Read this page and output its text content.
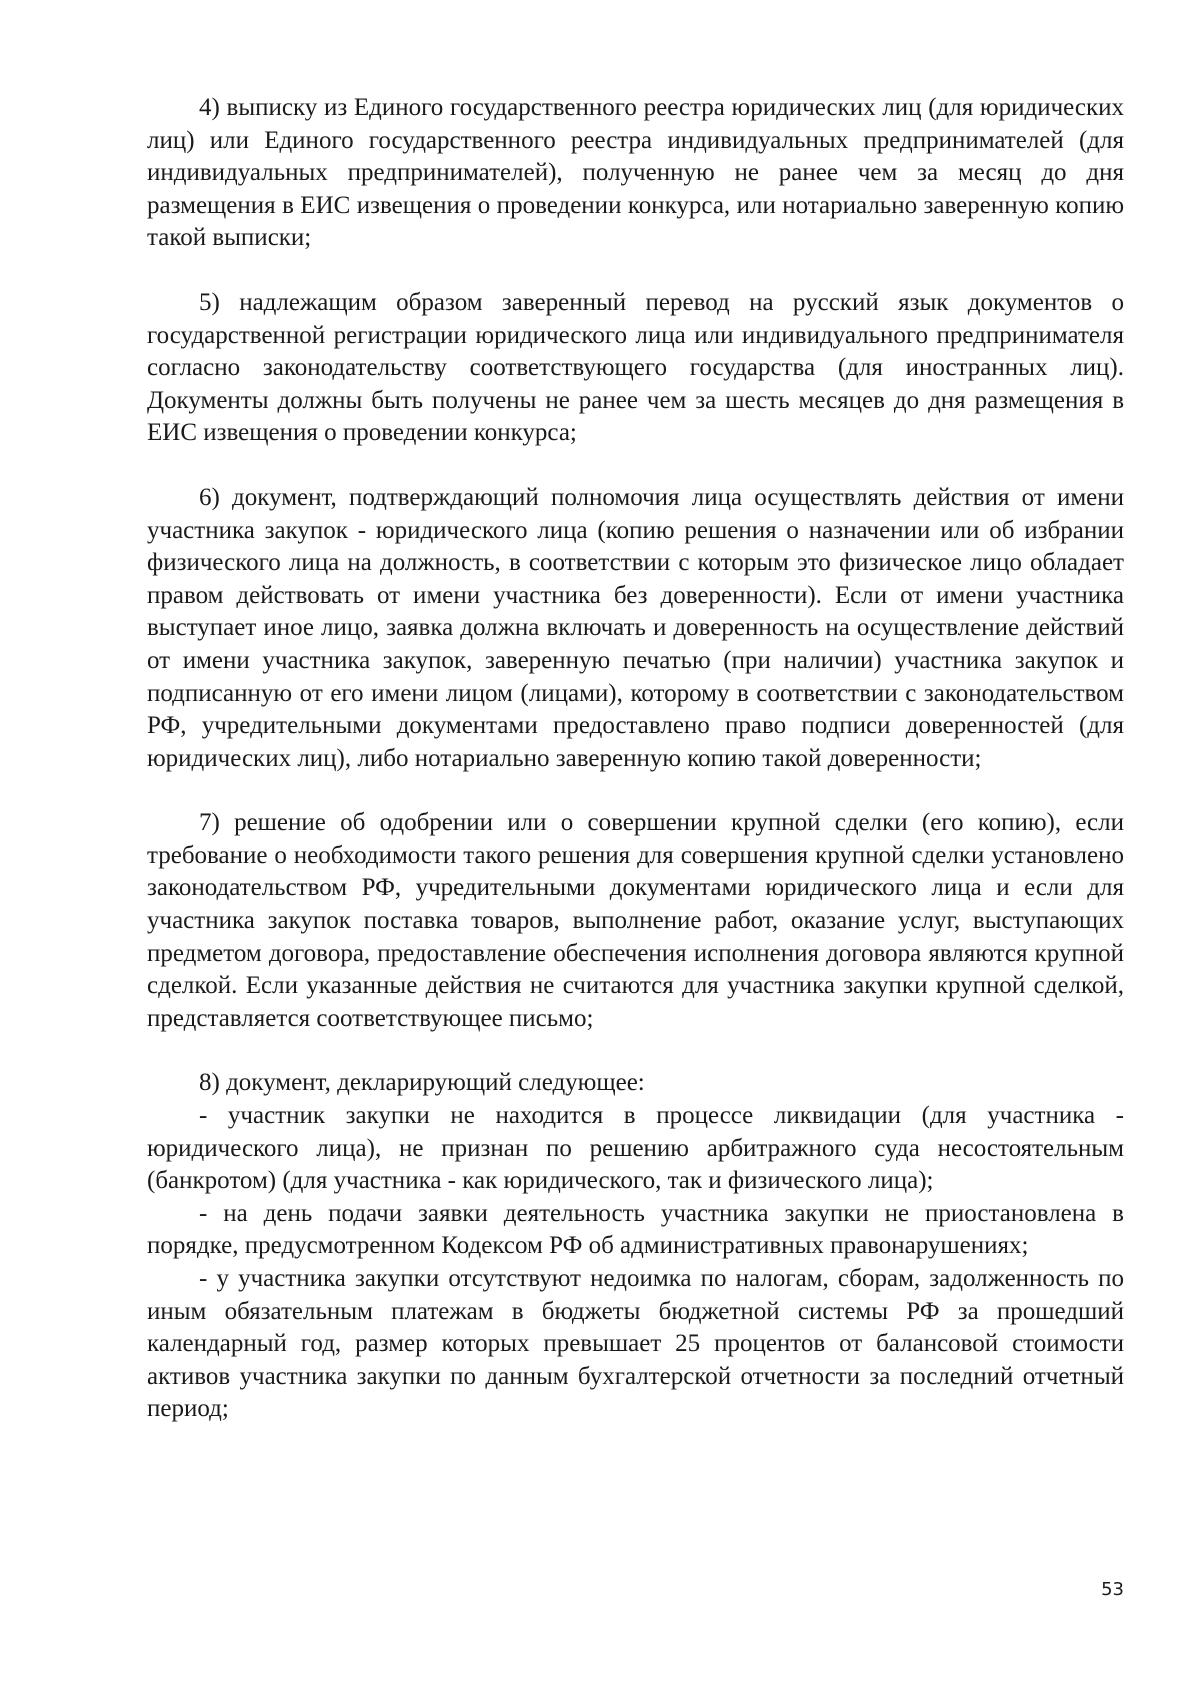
4) выписку из Единого государственного реестра юридических лиц (для юридических лиц) или Единого государственного реестра индивидуальных предпринимателей (для индивидуальных предпринимателей), полученную не ранее чем за месяц до дня размещения в ЕИС извещения о проведении конкурса, или нотариально заверенную копию такой выписки;

5) надлежащим образом заверенный перевод на русский язык документов о государственной регистрации юридического лица или индивидуального предпринимателя согласно законодательству соответствующего государства (для иностранных лиц). Документы должны быть получены не ранее чем за шесть месяцев до дня размещения в ЕИС извещения о проведении конкурса;

6) документ, подтверждающий полномочия лица осуществлять действия от имени участника закупок - юридического лица (копию решения о назначении или об избрании физического лица на должность, в соответствии с которым это физическое лицо обладает правом действовать от имени участника без доверенности). Если от имени участника выступает иное лицо, заявка должна включать и доверенность на осуществление действий от имени участника закупок, заверенную печатью (при наличии) участника закупок и подписанную от его имени лицом (лицами), которому в соответствии с законодательством РФ, учредительными документами предоставлено право подписи доверенностей (для юридических лиц), либо нотариально заверенную копию такой доверенности;

7) решение об одобрении или о совершении крупной сделки (его копию), если требование о необходимости такого решения для совершения крупной сделки установлено законодательством РФ, учредительными документами юридического лица и если для участника закупок поставка товаров, выполнение работ, оказание услуг, выступающих предметом договора, предоставление обеспечения исполнения договора являются крупной сделкой. Если указанные действия не считаются для участника закупки крупной сделкой, представляется соответствующее письмо;

8) документ, декларирующий следующее:

- участник закупки не находится в процессе ликвидации (для участника - юридического лица), не признан по решению арбитражного суда несостоятельным (банкротом) (для участника - как юридического, так и физического лица);

- на день подачи заявки деятельность участника закупки не приостановлена в порядке, предусмотренном Кодексом РФ об административных правонарушениях;

- у участника закупки отсутствуют недоимка по налогам, сборам, задолженность по иным обязательным платежам в бюджеты бюджетной системы РФ за прошедший календарный год, размер которых превышает 25 процентов от балансовой стоимости активов участника закупки по данным бухгалтерской отчетности за последний отчетный период;

53
